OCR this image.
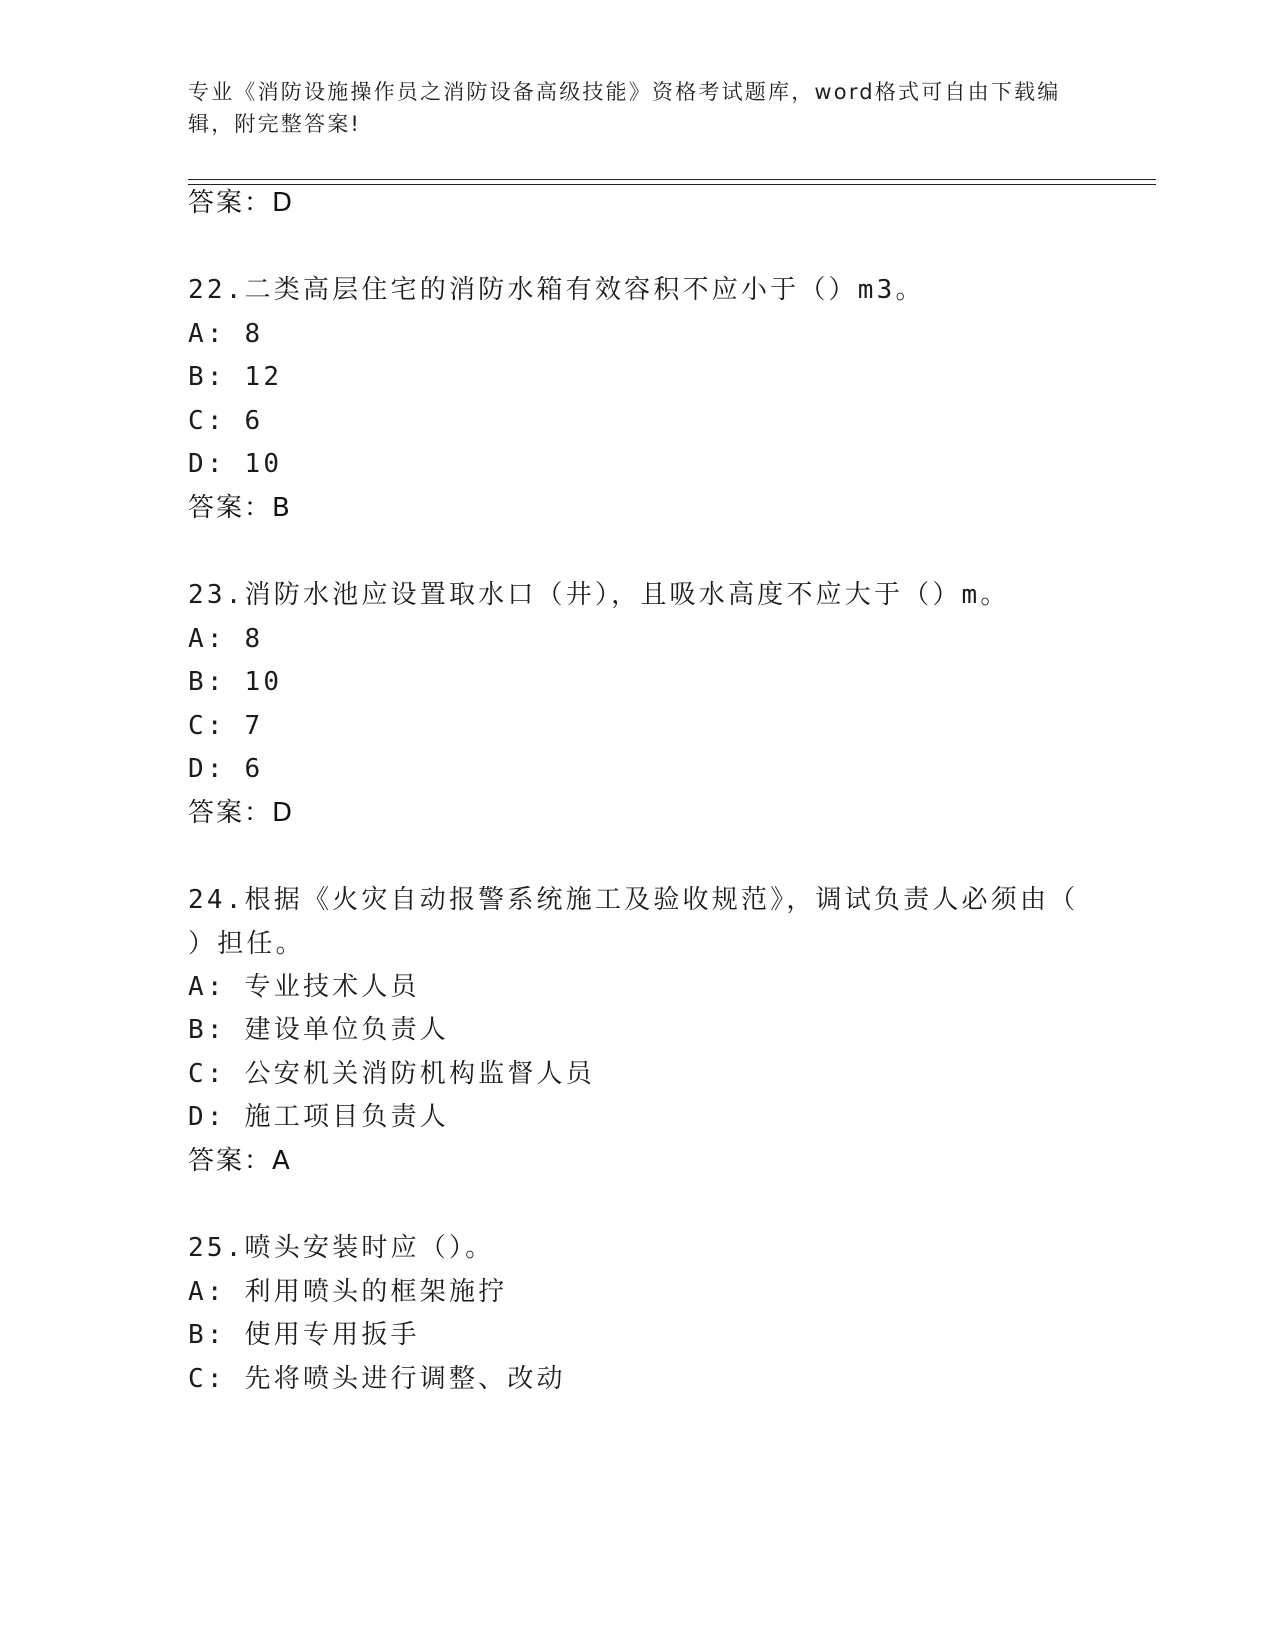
专业《消防设施操作员之消防设备高级技能》资格考试题库，word格式可自由下载编辑，附完整答案!
答案：D
22.二类高层住宅的消防水箱有效容积不应小于（）m3。
A: 8
B: 12
C: 6
D: 10
答案：B
23.消防水池应设置取水口（井），且吸水高度不应大于（）m。
A: 8
B: 10
C: 7
D: 6
答案：D
24.根据《火灾自动报警系统施工及验收规范》，调试负责人必须由（
）担任。
A: 专业技术人员
B: 建设单位负责人
C: 公安机关消防机构监督人员
D: 施工项目负责人
答案：A
25.喷头安装时应（）。
A: 利用喷头的框架施拧
B: 使用专用扳手
C: 先将喷头进行调整、改动
